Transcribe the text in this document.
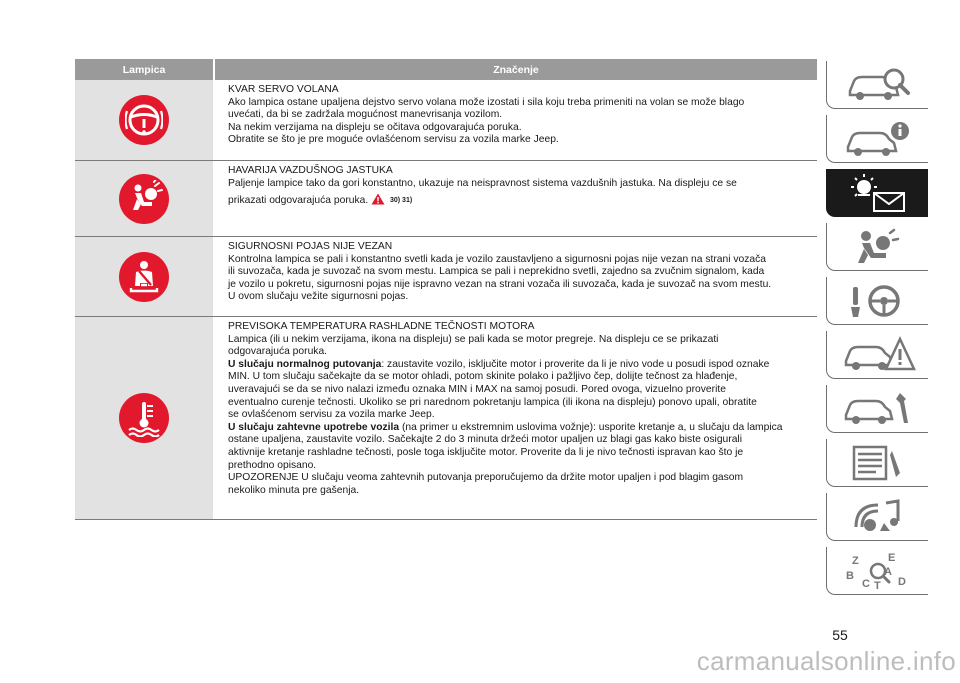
Lampica	Značenje

KVAR SERVO VOLANA

Ako lampica ostane upaljena dejstvo servo volana može izostati i sila koju treba primeniti na volan se može blago

uvećati, da bi se zadržala mogućnost manevrisanja vozilom.

Na nekim verzijama na displeju se očitava odgovarajuća poruka.

Obratite se što je pre moguće ovlašćenom servisu za vozila marke Jeep.

HAVARIJA VAZDUŠNOG JASTUKA

Paljenje lampice tako da gori konstantno, ukazuje na neispravnost sistema vazdušnih jastuka. Na displeju ce se

prikazati odgovarajuća poruka.	30) 31)

SIGURNOSNI POJAS NIJE VEZAN

Kontrolna lampica se pali i konstantno svetli kada je vozilo zaustavljeno a sigurnosni pojas nije vezan na strani vozača

ili suvozača, kada je suvozač na svom mestu. Lampica se pali i neprekidno svetli, zajedno sa zvučnim signalom, kada

je vozilo u pokretu, sigurnosni pojas nije ispravno vezan na strani vozača ili suvozača, kada je suvozač na svom mestu.

U ovom slučaju vežite sigurnosni pojas.

PREVISOKA TEMPERATURA RASHLADNE TEČNOSTI MOTORA

Lampica (ili u nekim verzijama, ikona na displeju) se pali kada se motor pregreje. Na displeju ce se prikazati

odgovarajuća poruka.

U slučaju normalnog putovanja: zaustavite vozilo, isključite motor i proverite da li je nivo vode u posudi ispod oznake

MIN. U tom slučaju sačekajte da se motor ohladi, potom skinite polako i pažljivo čep, dolijte tečnost za hlađenje,

uveravajući se da se nivo nalazi između oznaka MIN i MAX na samoj posudi. Pored ovoga, vizuelno proverite

eventualno curenje tečnosti. Ukoliko se pri narednom pokretanju lampica (ili ikona na displeju) ponovo upali, obratite

se ovlašćenom servisu za vozila marke Jeep.

U slučaju zahtevne upotrebe vozila (na primer u ekstremnim uslovima vožnje): usporite kretanje a, u slučaju da lampica

ostane upaljena, zaustavite vozilo. Sačekajte 2 do 3 minuta držeći motor upaljen uz blagi gas kako biste osigurali

aktivnije kretanje rashladne tečnosti, posle toga isključite motor. Proverite da li je nivo tečnosti ispravan kao što je

prethodno opisano.

UPOZORENJE U slučaju veoma zahtevnih putovanja preporučujemo da držite motor upaljen i pod blagim gasom

nekoliko minuta pre gašenja.

Z	E
B	A
C	D
T
55
carmanualsonline.info
